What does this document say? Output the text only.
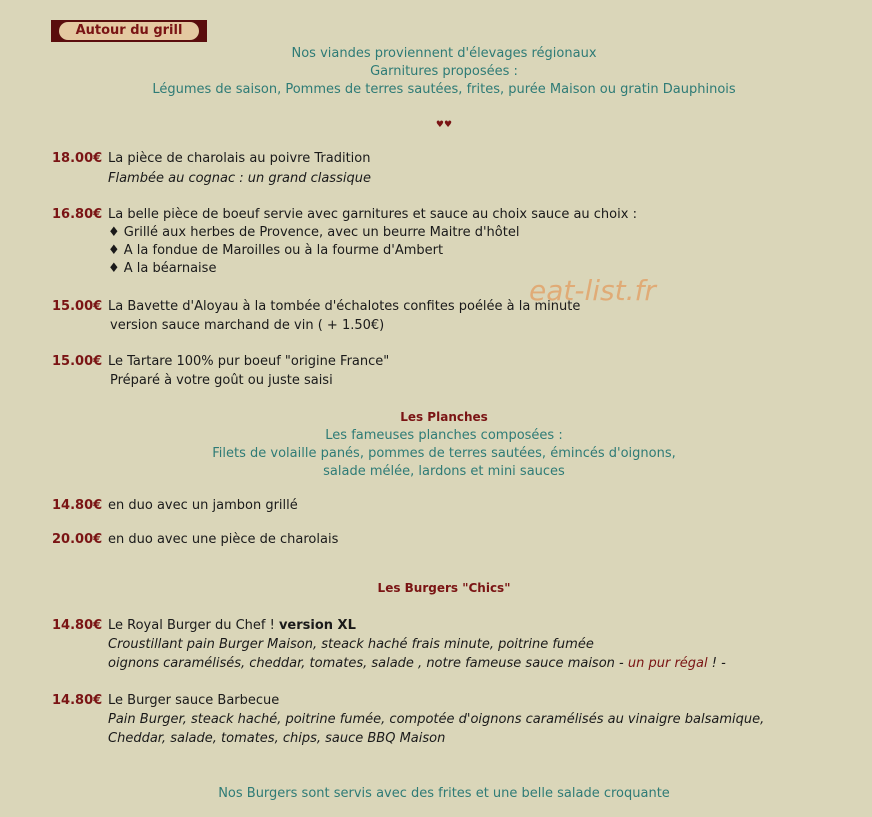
Autour du grill
Nos viandes proviennent d'élevages régionaux
Garnitures proposées :
Légumes de saison, Pommes de terres sautées, frites, purée Maison ou gratin Dauphinois
♥♥
eat-list.fr
18.00€ La pièce de charolais au poivre Tradition
Flambée au cognac : un grand classique
16.80€ La belle pièce de boeuf servie avec garnitures et sauce au choix sauce au choix :
♦ Grillé aux herbes de Provence, avec un beurre Maitre d'hôtel
♦ A la fondue de Maroilles ou à la fourme d'Ambert
♦ A la béarnaise
15.00€ La Bavette d'Aloyau à la tombée d'échalotes confites poélée à la minute
version sauce marchand de vin ( + 1.50€)
15.00€ Le Tartare 100% pur boeuf "origine France"
Préparé à votre goût ou juste saisi
Les Planches
Les fameuses planches composées :
Filets de volaille panés, pommes de terres sautées, émincés d'oignons,
salade mélée, lardons et mini sauces
14.80€ en duo avec un jambon grillé
20.00€ en duo avec une pièce de charolais
Les Burgers "Chics"
14.80€ Le Royal Burger du Chef ! version XL
Croustillant pain Burger Maison, steack haché frais minute, poitrine fumée
oignons caramélisés, cheddar, tomates, salade , notre fameuse sauce maison - un pur régal ! -
14.80€ Le Burger sauce Barbecue
Pain Burger, steack haché, poitrine fumée, compotée d'oignons caramélisés au vinaigre balsamique,
Cheddar, salade, tomates, chips, sauce BBQ Maison
Nos Burgers sont servis avec des frites et une belle salade croquante
